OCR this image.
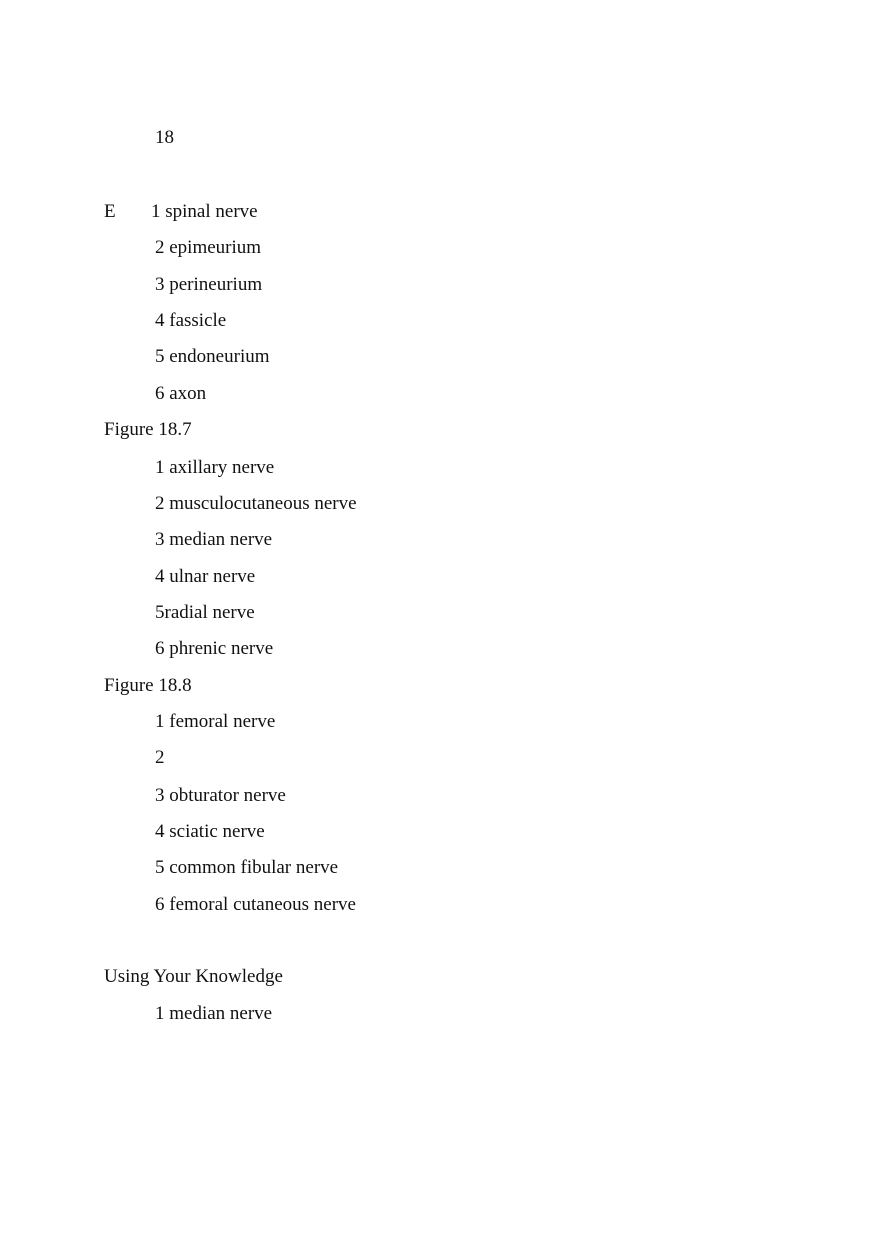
18
E 1 spinal nerve
2 epimeurium
3 perineurium
4 fassicle
5 endoneurium
6 axon
Figure 18.7
1 axillary nerve
2 musculocutaneous nerve
3 median nerve
4 ulnar nerve
5radial nerve
6 phrenic nerve
Figure 18.8
1 femoral nerve
2
3 obturator nerve
4 sciatic nerve
5 common fibular nerve
6 femoral cutaneous nerve
Using Your Knowledge
1 median nerve
